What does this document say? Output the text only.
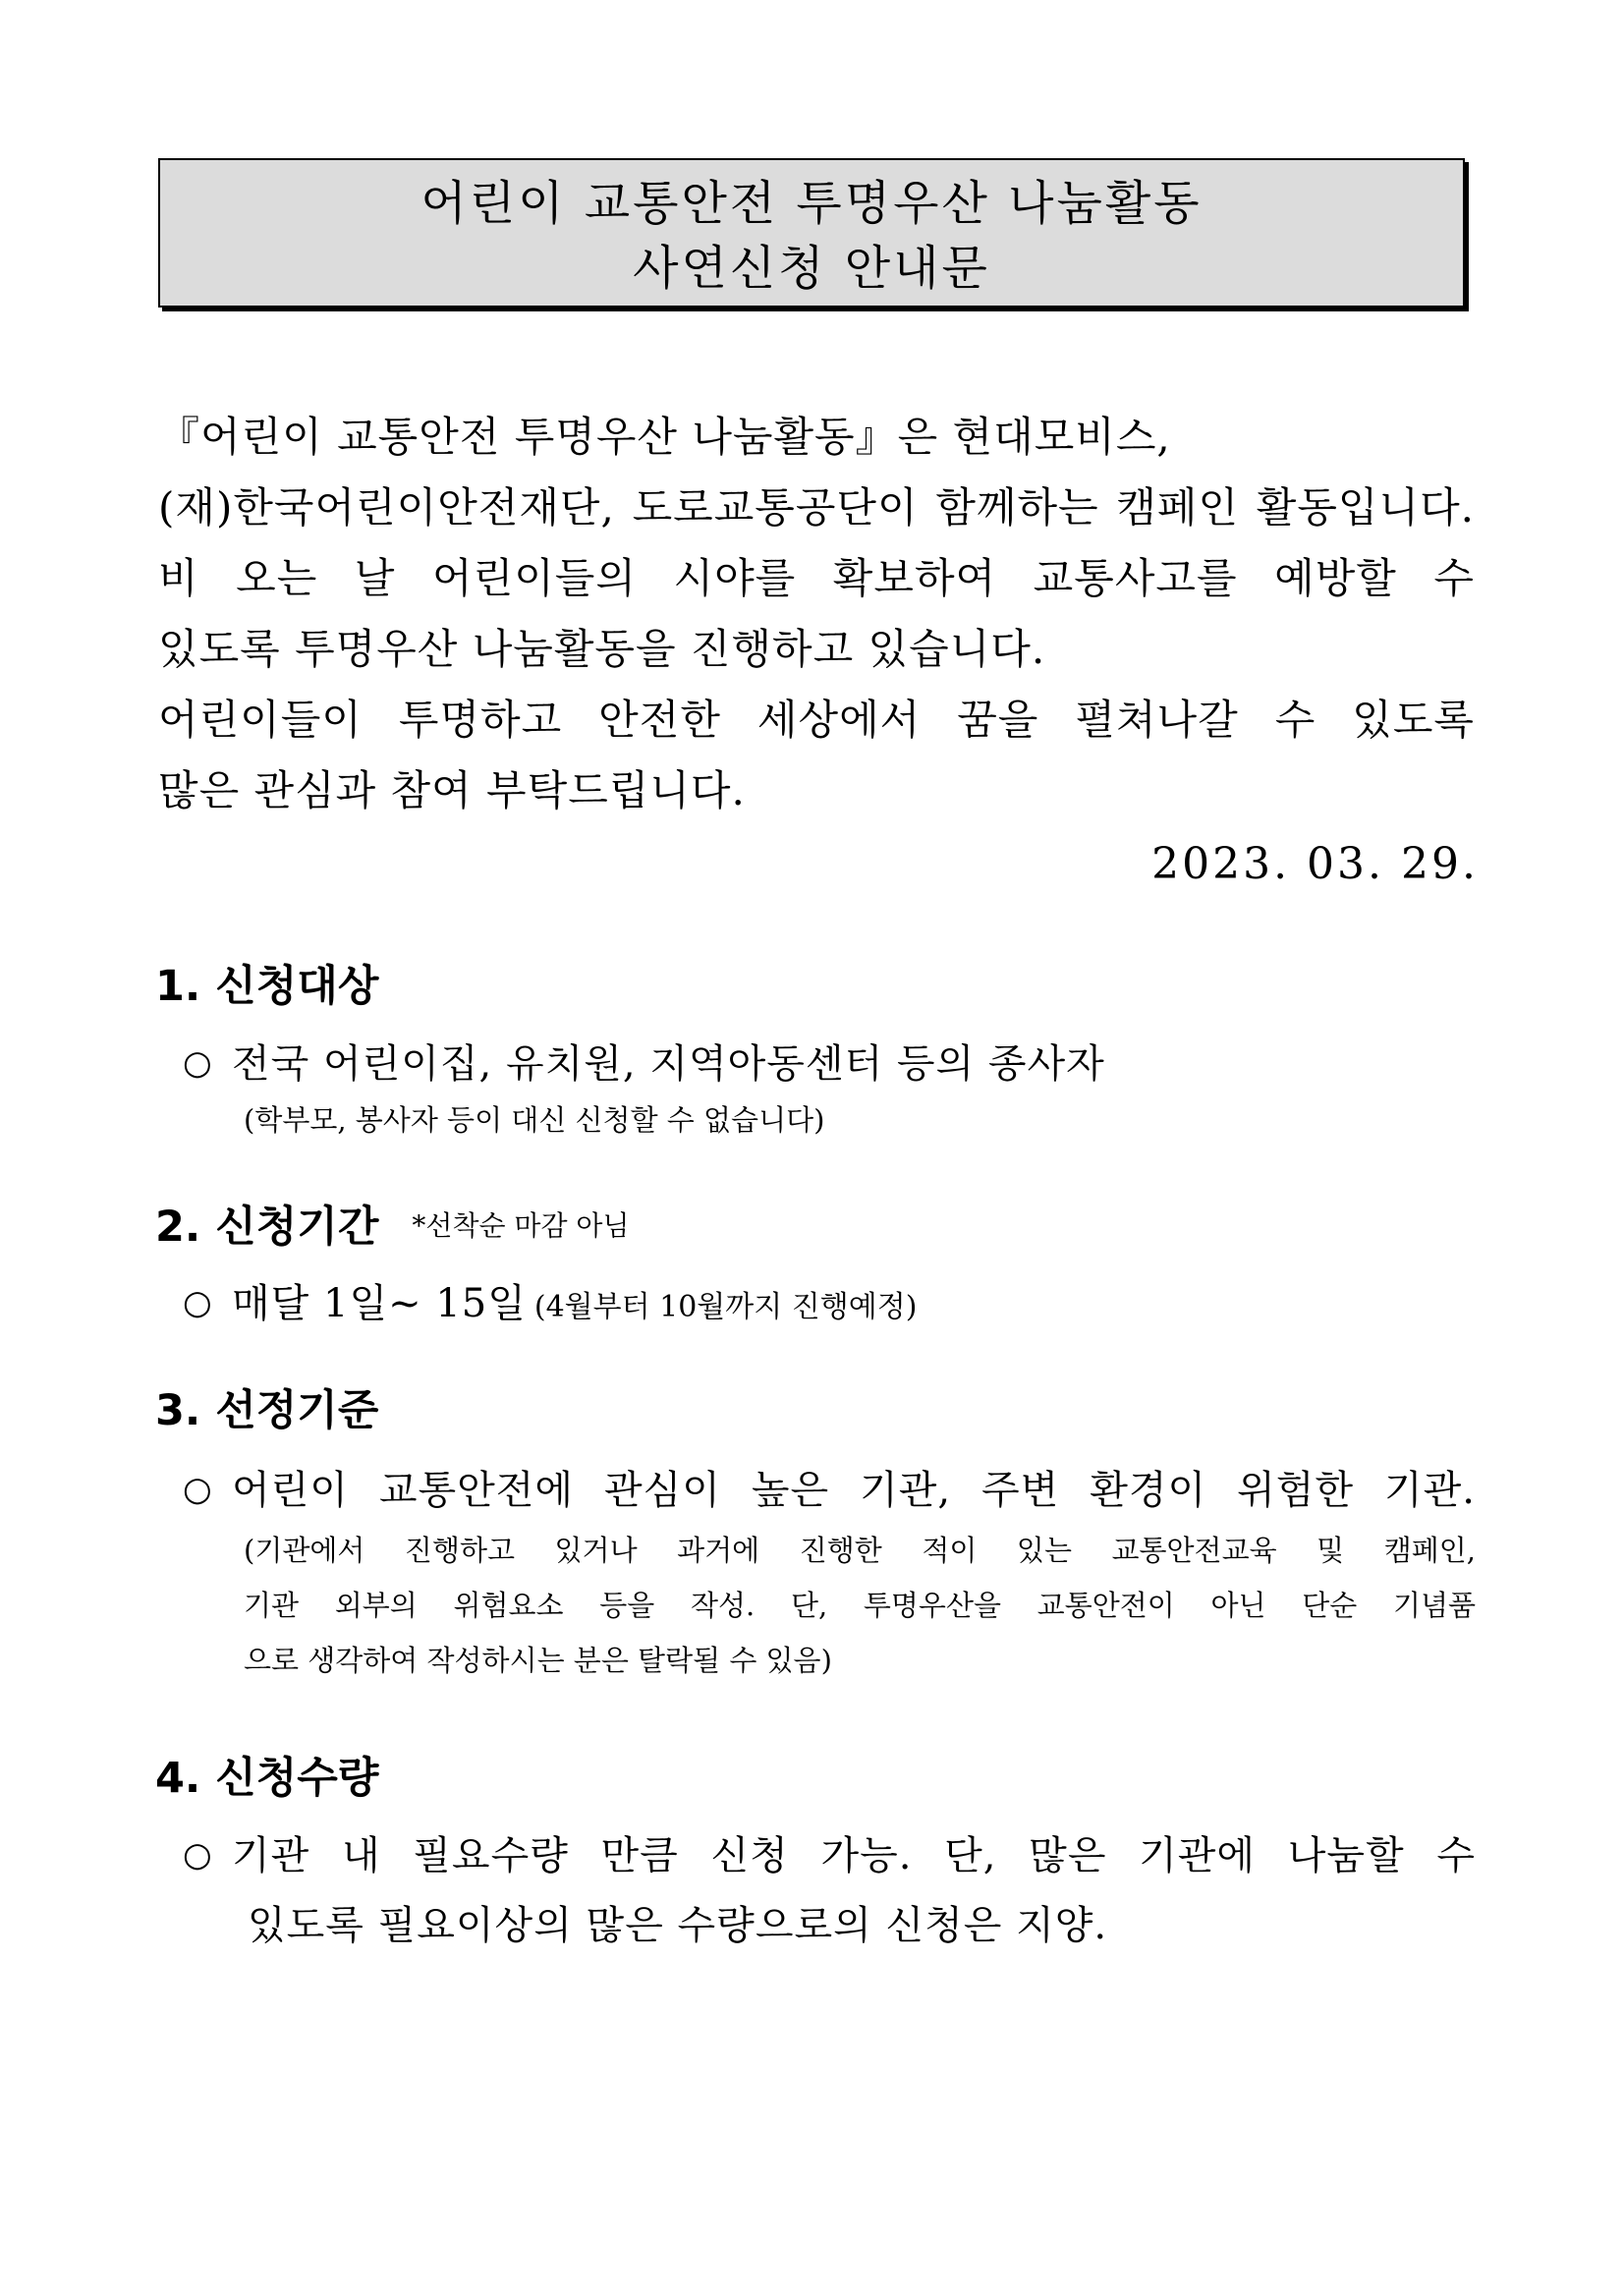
어린이 교통안전 투명우산 나눔활동
사연신청 안내문
『어린이 교통안전 투명우산 나눔활동』은 현대모비스,
(재)한국어린이안전재단, 도로교통공단이 함께하는 캠페인 활동입니다.
비 오는 날 어린이들의 시야를 확보하여 교통사고를 예방할 수
있도록 투명우산 나눔활동을 진행하고 있습니다.
어린이들이 투명하고 안전한 세상에서 꿈을 펼쳐나갈 수 있도록
많은 관심과 참여 부탁드립니다.
2023. 03. 29.
1. 신청대상
○ 전국 어린이집, 유치원, 지역아동센터 등의 종사자
(학부모, 봉사자 등이 대신 신청할 수 없습니다)
2. 신청기간 *선착순 마감 아님
○ 매달 1일~ 15일 (4월부터 10월까지 진행예정)
3. 선정기준
○ 어린이 교통안전에 관심이 높은 기관, 주변 환경이 위험한 기관.
(기관에서 진행하고 있거나 과거에 진행한 적이 있는 교통안전교육 및 캠페인,
기관 외부의 위험요소 등을 작성. 단, 투명우산을 교통안전이 아닌 단순 기념품
으로 생각하여 작성하시는 분은 탈락될 수 있음)
4. 신청수량
○ 기관 내 필요수량 만큼 신청 가능. 단, 많은 기관에 나눔할 수
있도록 필요이상의 많은 수량으로의 신청은 지양.
